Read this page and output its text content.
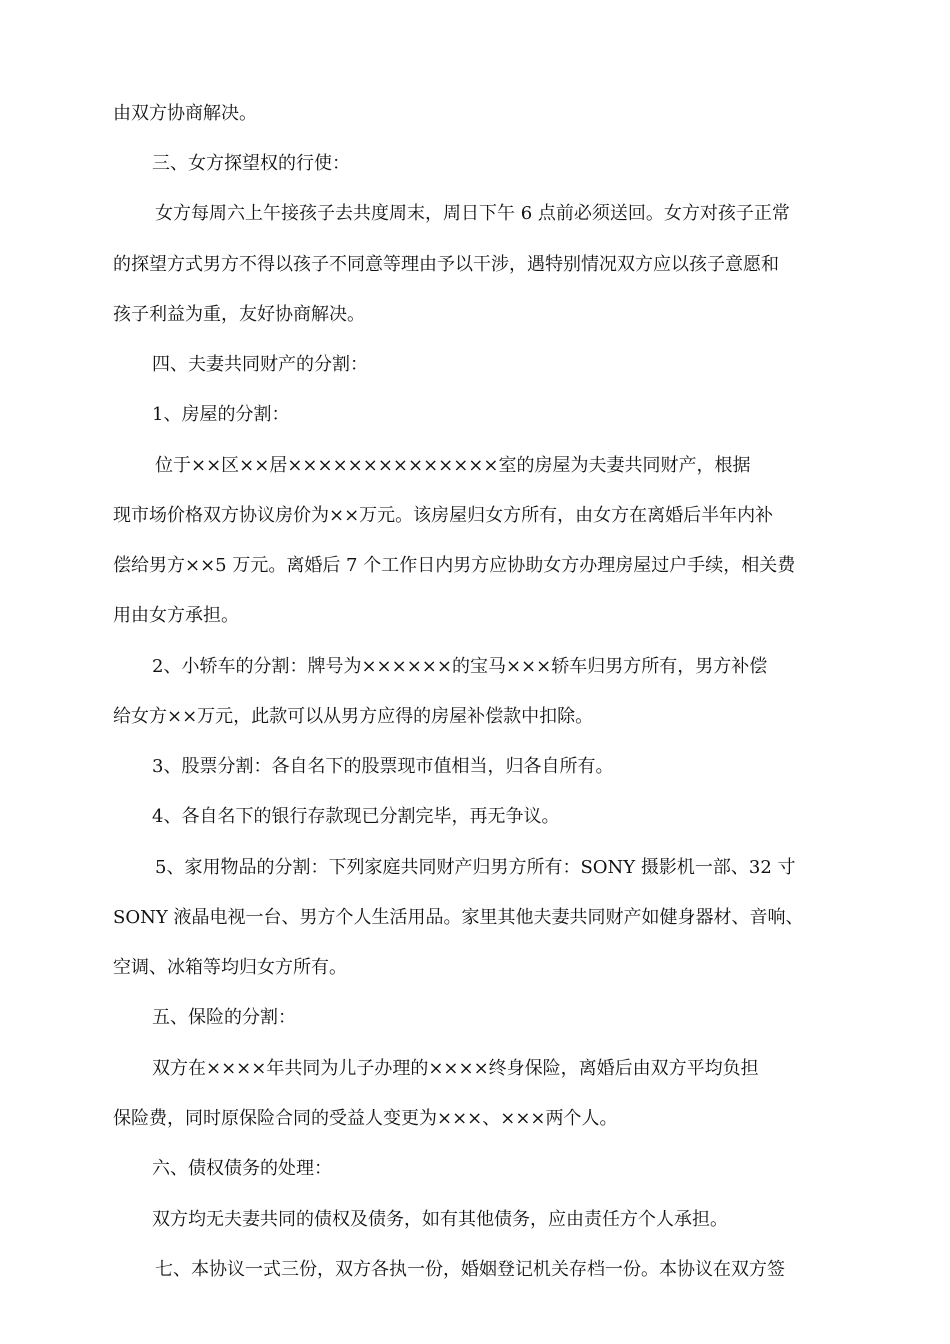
由双方协商解决。
三、女方探望权的行使：
女方每周六上午接孩子去共度周末，周日下午 6 点前必须送回。女方对孩子正常
的探望方式男方不得以孩子不同意等理由予以干涉，遇特别情况双方应以孩子意愿和
孩子利益为重，友好协商解决。
四、夫妻共同财产的分割：
1、房屋的分割：
位于××区××居××××××××××××××室的房屋为夫妻共同财产，根据
现市场价格双方协议房价为××万元。该房屋归女方所有，由女方在离婚后半年内补
偿给男方××5 万元。离婚后 7 个工作日内男方应协助女方办理房屋过户手续，相关费
用由女方承担。
2、小轿车的分割：牌号为××××××的宝马×××轿车归男方所有，男方补偿
给女方××万元，此款可以从男方应得的房屋补偿款中扣除。
3、股票分割：各自名下的股票现市值相当，归各自所有。
4、各自名下的银行存款现已分割完毕，再无争议。
5、家用物品的分割：下列家庭共同财产归男方所有：SONY 摄影机一部、32 寸
SONY 液晶电视一台、男方个人生活用品。家里其他夫妻共同财产如健身器材、音响、
空调、冰箱等均归女方所有。
五、保险的分割：
双方在××××年共同为儿子办理的××××终身保险，离婚后由双方平均负担
保险费，同时原保险合同的受益人变更为×××、×××两个人。
六、债权债务的处理：
双方均无夫妻共同的债权及债务，如有其他债务，应由责任方个人承担。
七、本协议一式三份，双方各执一份，婚姻登记机关存档一份。本协议在双方签
